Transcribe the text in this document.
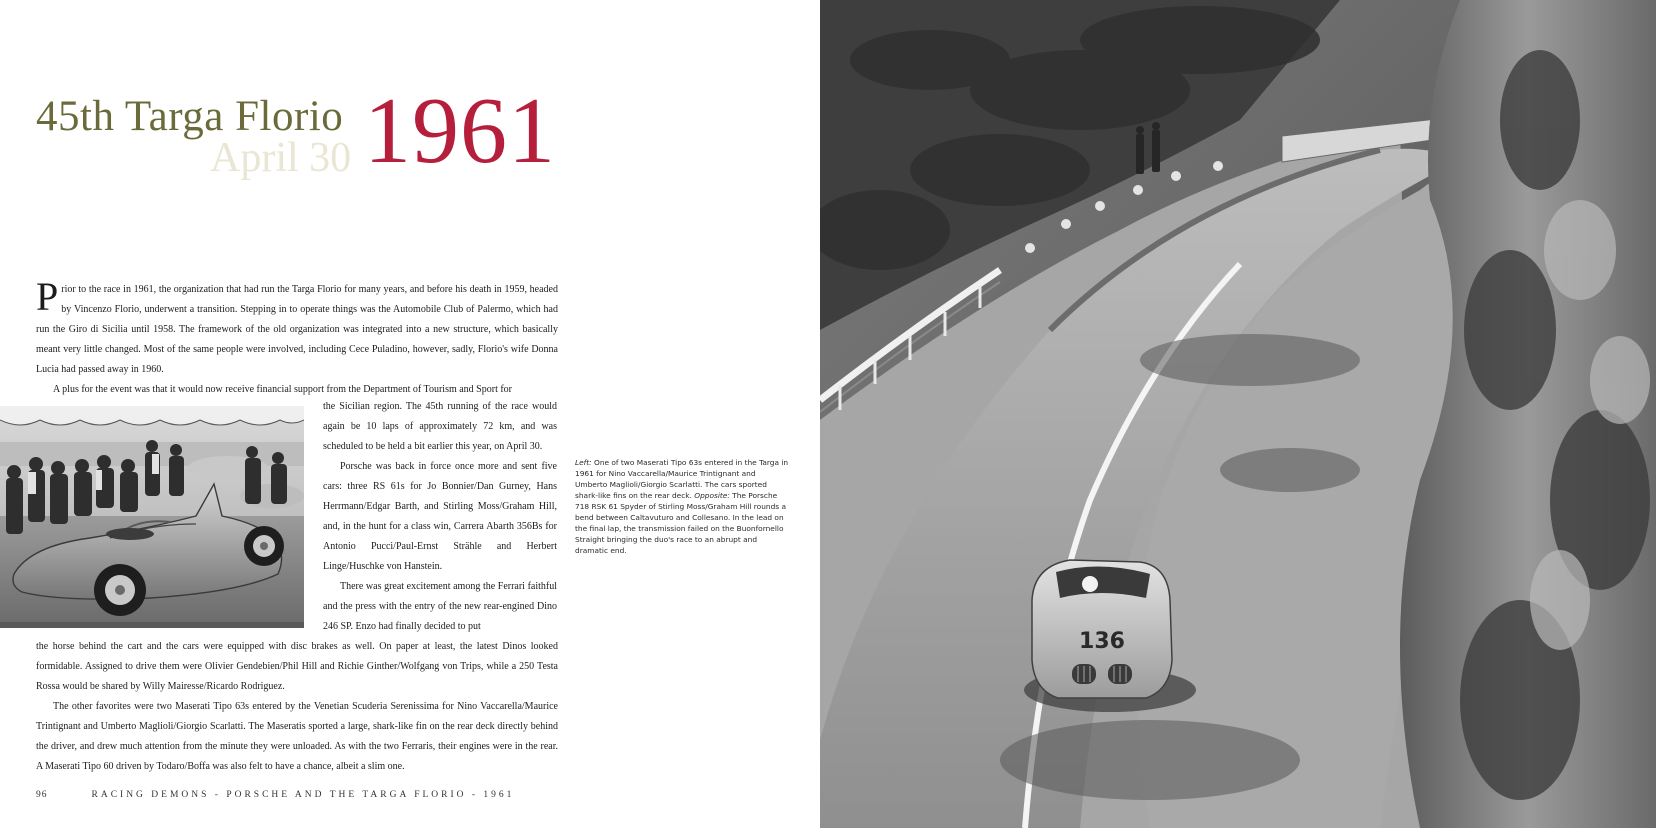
April 30
45th Targa Florio 1961

Prior to the race in 1961, the organization that had run the Targa Florio for many years, and before his death in 1959, headed by Vincenzo Florio, underwent a transition. Stepping in to operate things was the Automobile Club of Palermo, which had run the Giro di Sicilia until 1958. The framework of the old organization was integrated into a new structure, which basically meant very little changed. Most of the same people were involved, including Cece Puladino, however, sadly, Florio's wife Donna Lucia had passed away in 1960.

A plus for the event was that it would now receive financial support from the Department of Tourism and Sport for

the Sicilian region. The 45th running of the race would again be 10 laps of approximately 72 km, and was scheduled to be held a bit earlier this year, on April 30.

Porsche was back in force once more and sent five cars: three RS 61s for Jo Bonnier/Dan Gurney, Hans Herrmann/Edgar Barth, and Stirling Moss/Graham Hill, and, in the hunt for a class win, Carrera Abarth 356Bs for Antonio Pucci/Paul-Ernst Strähle and Herbert Linge/Huschke von Hanstein.

There was great excitement among the Ferrari faithful and the press with the entry of the new rear-engined Dino 246 SP. Enzo had finally decided to put

the horse behind the cart and the cars were equipped with disc brakes as well. On paper at least, the latest Dinos looked formidable. Assigned to drive them were Olivier Gendebien/Phil Hill and Richie Ginther/Wolfgang von Trips, while a 250 Testa Rossa would be shared by Willy Mairesse/Ricardo Rodriguez.

The other favorites were two Maserati Tipo 63s entered by the Venetian Scuderia Serenissima for Nino Vaccarella/Maurice Trintignant and Umberto Maglioli/Giorgio Scarlatti. The Maseratis sported a large, shark-like fin on the rear deck directly behind the driver, and drew much attention from the minute they were unloaded. As with the two Ferraris, their engines were in the rear. A Maserati Tipo 60 driven by Todaro/Boffa was also felt to have a chance, albeit a slim one.

Left: One of two Maserati Tipo 63s entered in the Targa in 1961 for Nino Vaccarella/Maurice Trintignant and Umberto Maglioli/Giorgio Scarlatti. The cars sported shark-like fins on the rear deck. Opposite: The Porsche 718 RSK 61 Spyder of Stirling Moss/Graham Hill rounds a bend between Caltavuturo and Collesano. In the lead on the final lap, the transmission failed on the Buonfornello Straight bringing the duo's race to an abrupt and dramatic end.

96	RACING DEMONS - PORSCHE AND THE TARGA FLORIO - 1961
136
